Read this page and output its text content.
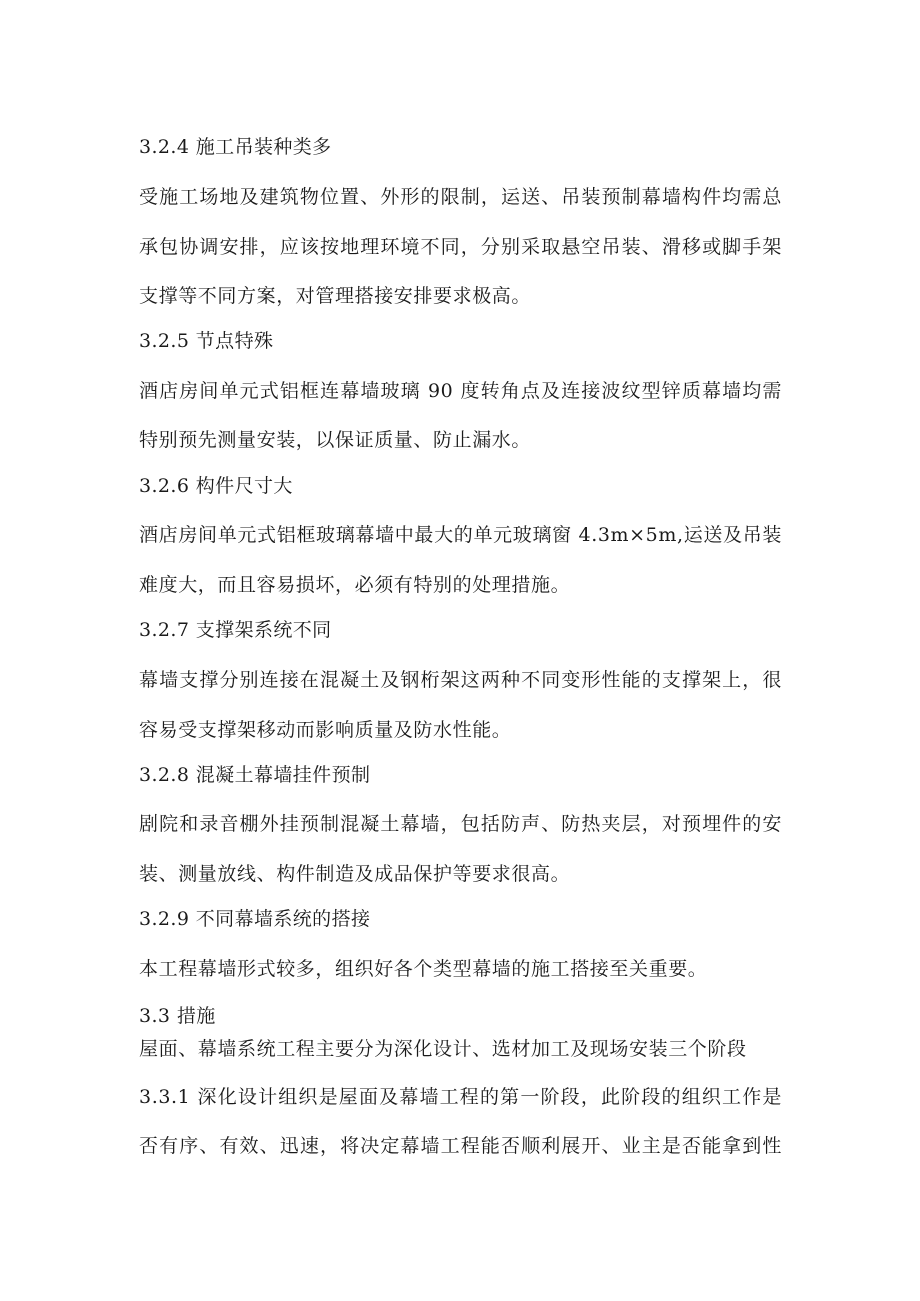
3.2.4 施工吊装种类多
受施工场地及建筑物位置、外形的限制，运送、吊装预制幕墙构件均需总
承包协调安排，应该按地理环境不同，分别采取悬空吊装、滑移或脚手架
支撑等不同方案，对管理搭接安排要求极高。
3.2.5 节点特殊
酒店房间单元式铝框连幕墙玻璃 90 度转角点及连接波纹型锌质幕墙均需
特别预先测量安装，以保证质量、防止漏水。
3.2.6 构件尺寸大
酒店房间单元式铝框玻璃幕墙中最大的单元玻璃窗 4.3m×5m,运送及吊装
难度大，而且容易损坏，必须有特别的处理措施。
3.2.7 支撑架系统不同
幕墙支撑分别连接在混凝土及钢桁架这两种不同变形性能的支撑架上，很
容易受支撑架移动而影响质量及防水性能。
3.2.8 混凝土幕墙挂件预制
剧院和录音棚外挂预制混凝土幕墙，包括防声、防热夹层，对预埋件的安
装、测量放线、构件制造及成品保护等要求很高。
3.2.9 不同幕墙系统的搭接
本工程幕墙形式较多，组织好各个类型幕墙的施工搭接至关重要。
3.3 措施
屋面、幕墙系统工程主要分为深化设计、选材加工及现场安装三个阶段
3.3.1 深化设计组织是屋面及幕墙工程的第一阶段，此阶段的组织工作是
否有序、有效、迅速，将决定幕墙工程能否顺利展开、业主是否能拿到性
